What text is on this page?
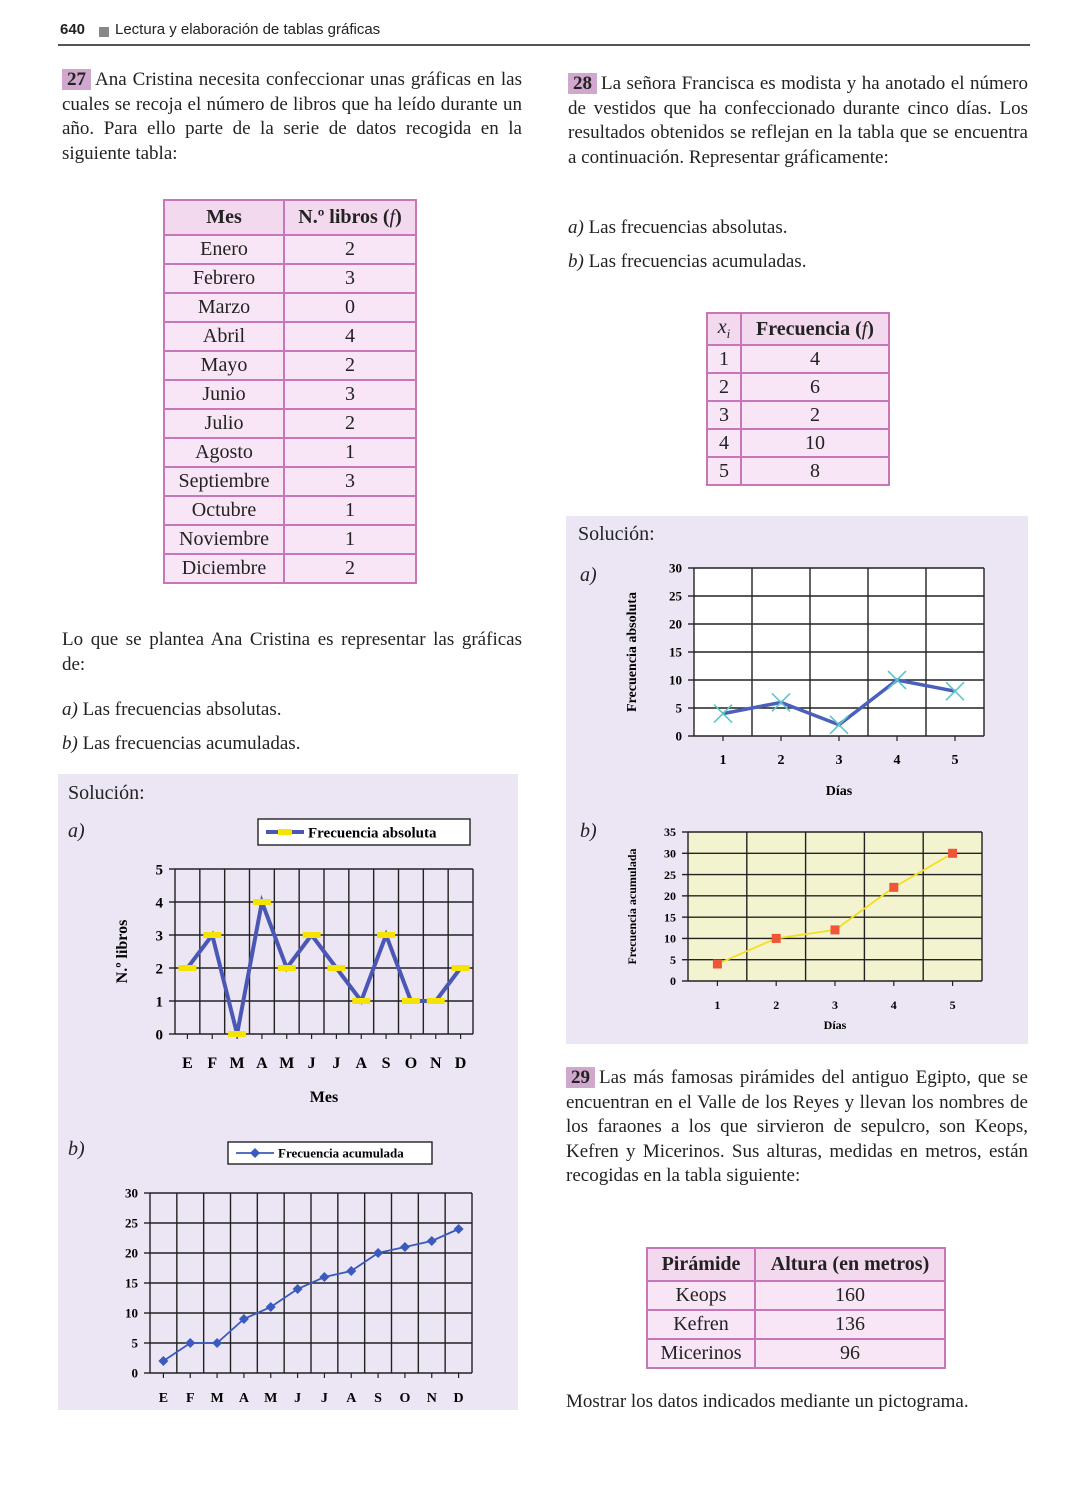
640 Lectura y elaboración de tablas gráficas

27 Ana Cristina necesita confeccionar unas gráficas en las cuales se recoja el número de libros que ha leído durante un año. Para ello parte de la serie de datos recogida en la siguiente tabla:

Mes	N.º libros (f)
Enero	2
Febrero	3
Marzo	0
Abril	4
Mayo	2
Junio	3
Julio	2
Agosto	1
Septiembre	3
Octubre	1
Noviembre	1
Diciembre	2

Lo que se plantea Ana Cristina es representar las gráficas de:

a) Las frecuencias absolutas.
b) Las frecuencias acumuladas.
Solución:
a)
b)
0
1
2
3
4
5
E F M A M J J A S O N D
N.º libros
Mes
Frecuencia absoluta
0
5
10
15
20
25
30
E F M A M J J A S O N D
Frecuencia acumulada

28 La señora Francisca es modista y ha anotado el número de vestidos que ha confeccionado durante cinco días. Los resultados obtenidos se reflejan en la tabla que se encuentra a continuación. Representar gráficamente:

a) Las frecuencias absolutas.
b) Las frecuencias acumuladas.
$x_i$	Frecuencia (f)
1	4
2	6
3	2
4	10
5	8
Solución:
a)
b)
0
5
10
15
20
25
30
1	2	3	4	5
Frecuencia absoluta
Días
0
5
10
15
20
25
30
35
1	2	3	4	5
Frecuencia acumulada
Días

29 Las más famosas pirámides del antiguo Egipto, que se encuentran en el Valle de los Reyes y llevan los nombres de los faraones a los que sirvieron de sepulcro, son Keops, Kefren y Micerinos. Sus alturas, medidas en metros, están recogidas en la tabla siguiente:

Pirámide	Altura (en metros)
Keops	160
Kefren	136
Micerinos	96

Mostrar los datos indicados mediante un pictograma.
